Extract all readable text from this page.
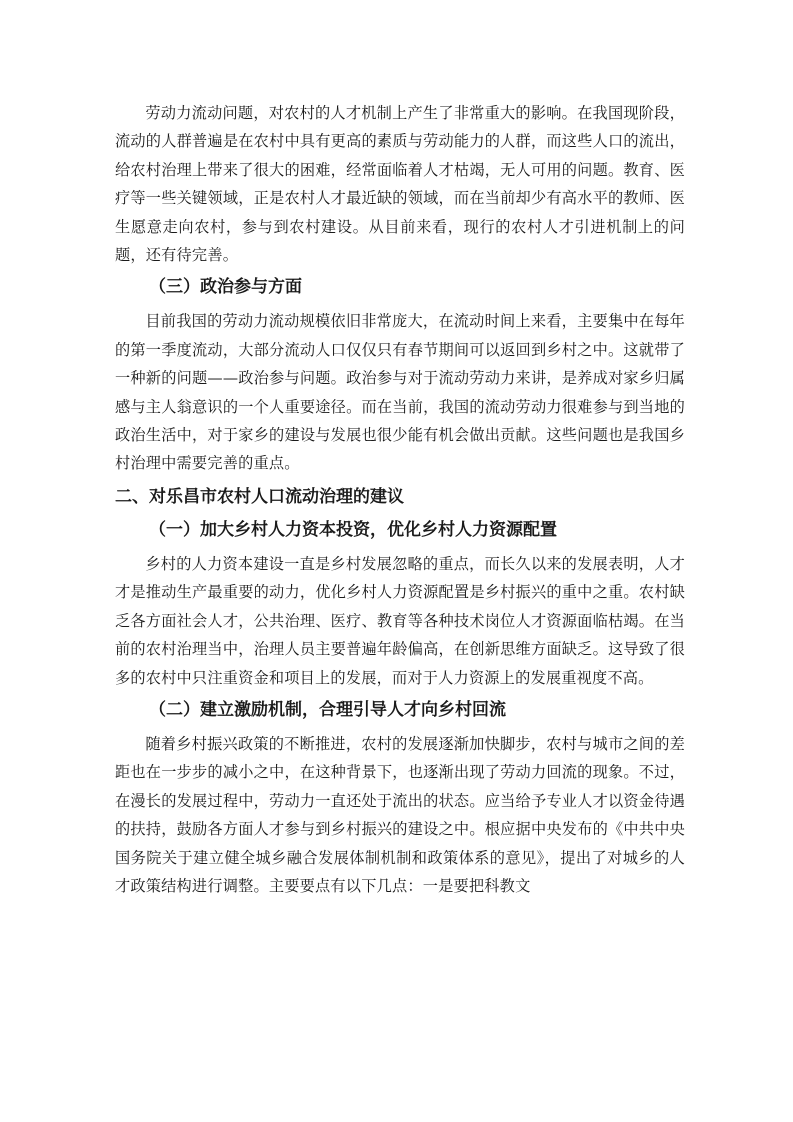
劳动力流动问题，对农村的人才机制上产生了非常重大的影响。在我国现阶段，流动的人群普遍是在农村中具有更高的素质与劳动能力的人群，而这些人口的流出，给农村治理上带来了很大的困难，经常面临着人才枯竭，无人可用的问题。教育、医疗等一些关键领域，正是农村人才最近缺的领域，而在当前却少有高水平的教师、医生愿意走向农村，参与到农村建设。从目前来看，现行的农村人才引进机制上的问题，还有待完善。

（三）政治参与方面

目前我国的劳动力流动规模依旧非常庞大，在流动时间上来看，主要集中在每年的第一季度流动，大部分流动人口仅仅只有春节期间可以返回到乡村之中。这就带了一种新的问题——政治参与问题。政治参与对于流动劳动力来讲，是养成对家乡归属感与主人翁意识的一个人重要途径。而在当前，我国的流动劳动力很难参与到当地的政治生活中，对于家乡的建设与发展也很少能有机会做出贡献。这些问题也是我国乡村治理中需要完善的重点。

二、对乐昌市农村人口流动治理的建议
（一）加大乡村人力资本投资，优化乡村人力资源配置

乡村的人力资本建设一直是乡村发展忽略的重点，而长久以来的发展表明，人才才是推动生产最重要的动力，优化乡村人力资源配置是乡村振兴的重中之重。农村缺乏各方面社会人才，公共治理、医疗、教育等各种技术岗位人才资源面临枯竭。在当前的农村治理当中，治理人员主要普遍年龄偏高，在创新思维方面缺乏。这导致了很多的农村中只注重资金和项目上的发展，而对于人力资源上的发展重视度不高。

（二）建立激励机制，合理引导人才向乡村回流

随着乡村振兴政策的不断推进，农村的发展逐渐加快脚步，农村与城市之间的差距也在一步步的减小之中，在这种背景下，也逐渐出现了劳动力回流的现象。不过，在漫长的发展过程中，劳动力一直还处于流出的状态。应当给予专业人才以资金待遇的扶持，鼓励各方面人才参与到乡村振兴的建设之中。根应据中央发布的《中共中央国务院关于建立健全城乡融合发展体制机制和政策体系的意见》，提出了对城乡的人才政策结构进行调整。主要要点有以下几点：一是要把科教文
